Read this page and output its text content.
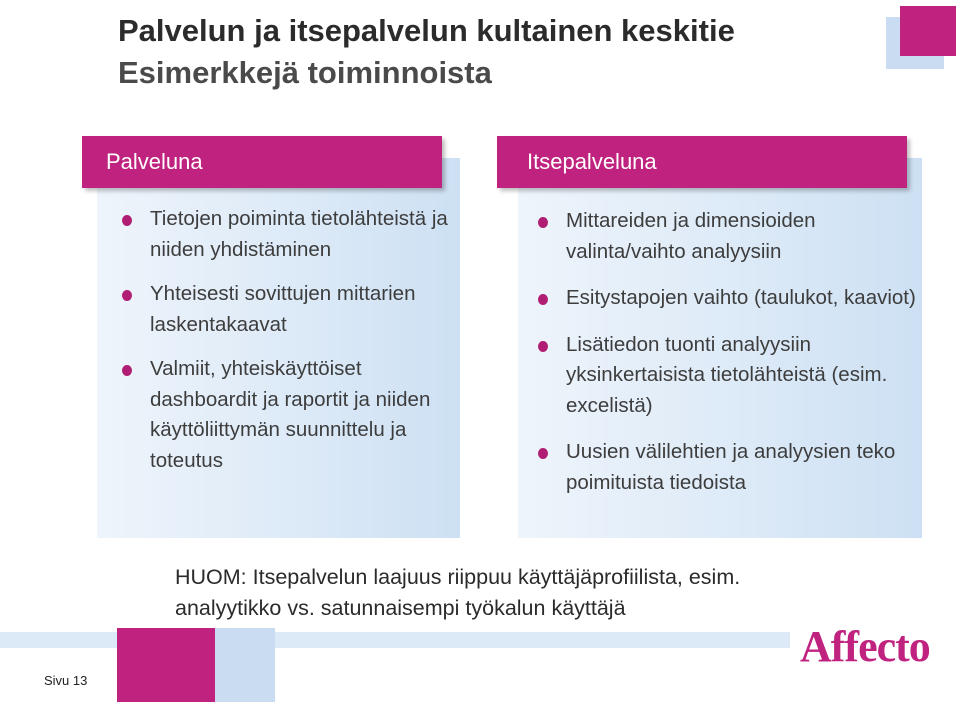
Palvelun ja itsepalvelun kultainen keskitie
Esimerkkejä toiminnoista
Palveluna	Itsepalveluna
Tietojen poiminta tietolähteistä ja niiden yhdistäminen
Yhteisesti sovittujen mittarien laskentakaavat
Valmiit, yhteiskäyttöiset dashboardit ja raportit ja niiden käyttöliittymän suunnittelu ja toteutus
Mittareiden ja dimensioiden valinta/vaihto analyysiin
Esitystapojen vaihto (taulukot, kaaviot)
Lisätiedon tuonti analyysiin yksinkertaisista tietolähteistä (esim. excelistä)
Uusien välilehtien ja analyysien teko poimituista tiedoista

HUOM: Itsepalvelun laajuus riippuu käyttäjäprofiilista, esim. analyytikko vs. satunnaisempi työkalun käyttäjä

Sivu 13
Affecto
